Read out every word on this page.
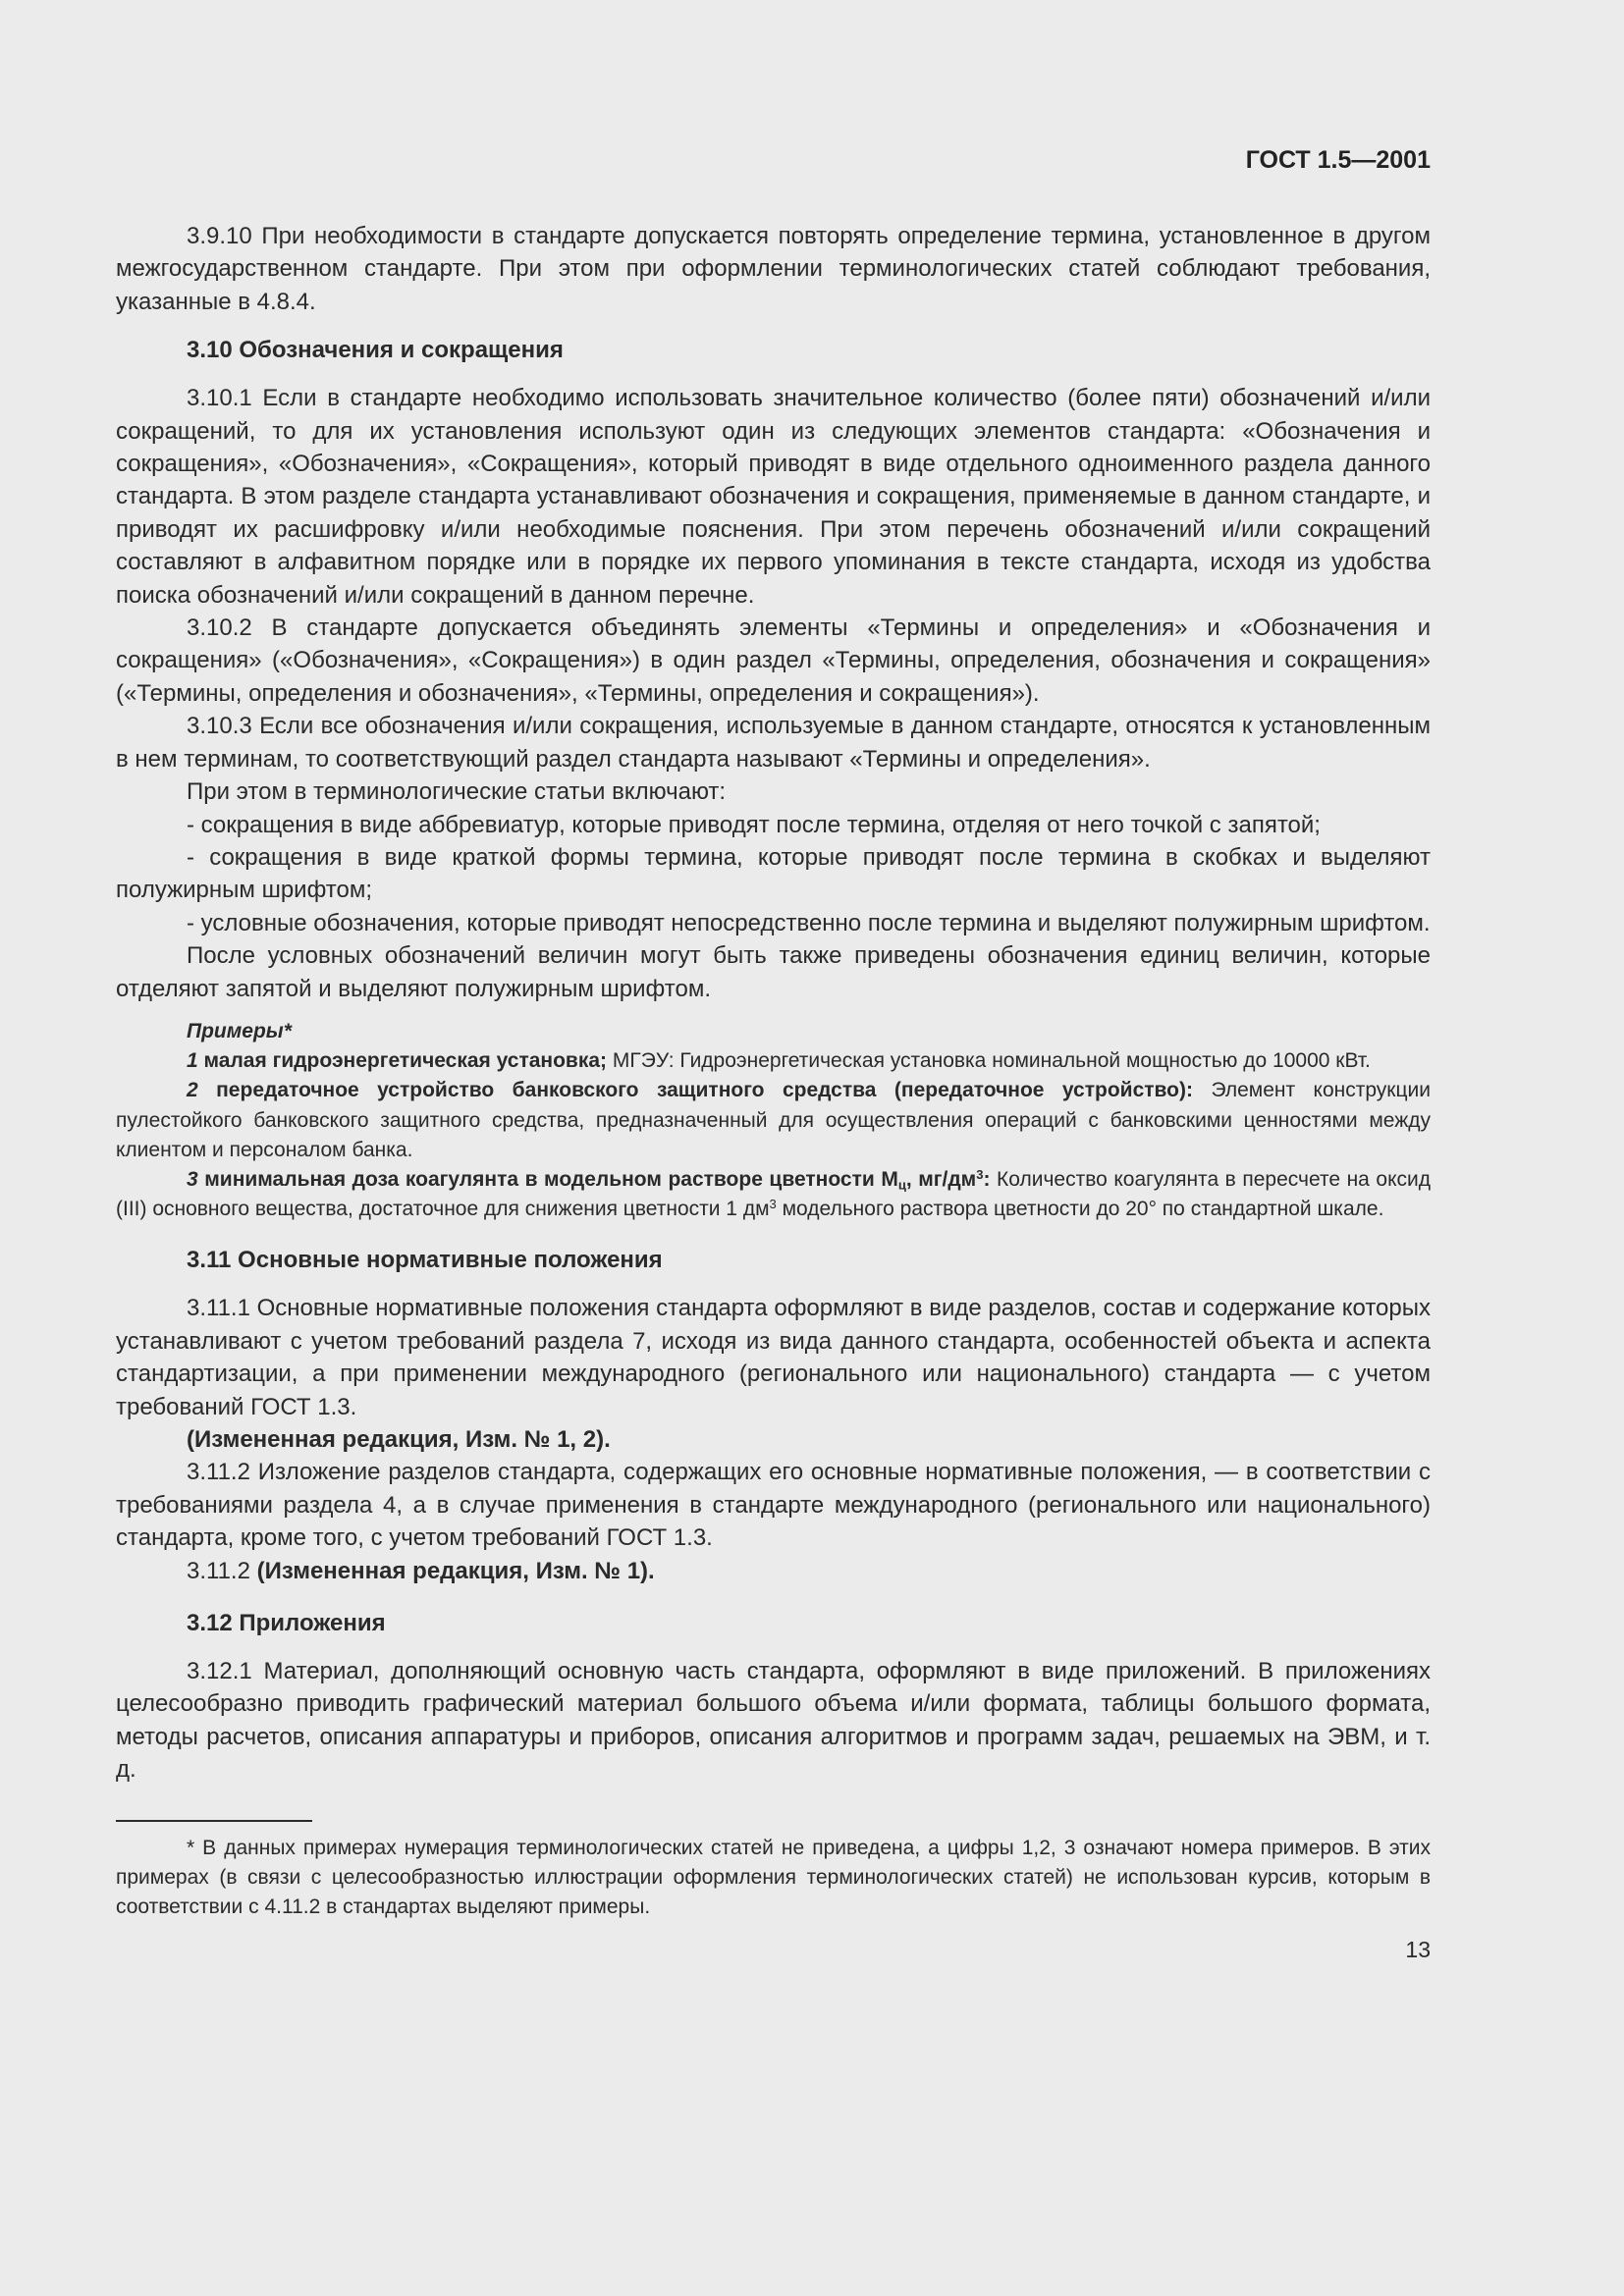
ГОСТ 1.5—2001

3.9.10 При необходимости в стандарте допускается повторять определение термина, установленное в другом межгосударственном стандарте. При этом при оформлении терминологических статей соблюдают требования, указанные в 4.8.4.

3.10 Обозначения и сокращения

3.10.1 Если в стандарте необходимо использовать значительное количество (более пяти) обозначений и/или сокращений, то для их установления используют один из следующих элементов стандарта: «Обозначения и сокращения», «Обозначения», «Сокращения», который приводят в виде отдельного одноименного раздела данного стандарта. В этом разделе стандарта устанавливают обозначения и сокращения, применяемые в данном стандарте, и приводят их расшифровку и/или необходимые пояснения. При этом перечень обозначений и/или сокращений составляют в алфавитном порядке или в порядке их первого упоминания в тексте стандарта, исходя из удобства поиска обозначений и/или сокращений в данном перечне.

3.10.2 В стандарте допускается объединять элементы «Термины и определения» и «Обозначения и сокращения» («Обозначения», «Сокращения») в один раздел «Термины, определения, обозначения и сокращения» («Термины, определения и обозначения», «Термины, определения и сокращения»).

3.10.3 Если все обозначения и/или сокращения, используемые в данном стандарте, относятся к установленным в нем терминам, то соответствующий раздел стандарта называют «Термины и определения».

При этом в терминологические статьи включают:

- сокращения в виде аббревиатур, которые приводят после термина, отделяя от него точкой с запятой;

- сокращения в виде краткой формы термина, которые приводят после термина в скобках и выделяют полужирным шрифтом;

- условные обозначения, которые приводят непосредственно после термина и выделяют полужирным шрифтом.

После условных обозначений величин могут быть также приведены обозначения единиц величин, которые отделяют запятой и выделяют полужирным шрифтом.

Примеры*

1 малая гидроэнергетическая установка; МГЭУ: Гидроэнергетическая установка номинальной мощностью до 10000 кВт.

2 передаточное устройство банковского защитного средства (передаточное устройство): Элемент конструкции пулестойкого банковского защитного средства, предназначенный для осуществления операций с банковскими ценностями между клиентом и персоналом банка.

3 минимальная доза коагулянта в модельном растворе цветности $М_ц$, $мг/дм^3$: Количество коагулянта в пересчете на оксид (III) основного вещества, достаточное для снижения цветности 1 $дм^3$ модельного раствора цветности до 20° по стандартной шкале.

3.11 Основные нормативные положения

3.11.1 Основные нормативные положения стандарта оформляют в виде разделов, состав и содержание которых устанавливают с учетом требований раздела 7, исходя из вида данного стандарта, особенностей объекта и аспекта стандартизации, а при применении международного (регионального или национального) стандарта — с учетом требований ГОСТ 1.3.

(Измененная редакция, Изм. № 1, 2).

3.11.2 Изложение разделов стандарта, содержащих его основные нормативные положения, — в соответствии с требованиями раздела 4, а в случае применения в стандарте международного (регионального или национального) стандарта, кроме того, с учетом требований ГОСТ 1.3.

3.11.2 (Измененная редакция, Изм. № 1).

3.12 Приложения

3.12.1 Материал, дополняющий основную часть стандарта, оформляют в виде приложений. В приложениях целесообразно приводить графический материал большого объема и/или формата, таблицы большого формата, методы расчетов, описания аппаратуры и приборов, описания алгоритмов и программ задач, решаемых на ЭВМ, и т. д.

* В данных примерах нумерация терминологических статей не приведена, а цифры 1,2, 3 означают номера примеров. В этих примерах (в связи с целесообразностью иллюстрации оформления терминологических статей) не использован курсив, которым в соответствии с 4.11.2 в стандартах выделяют примеры.

13
